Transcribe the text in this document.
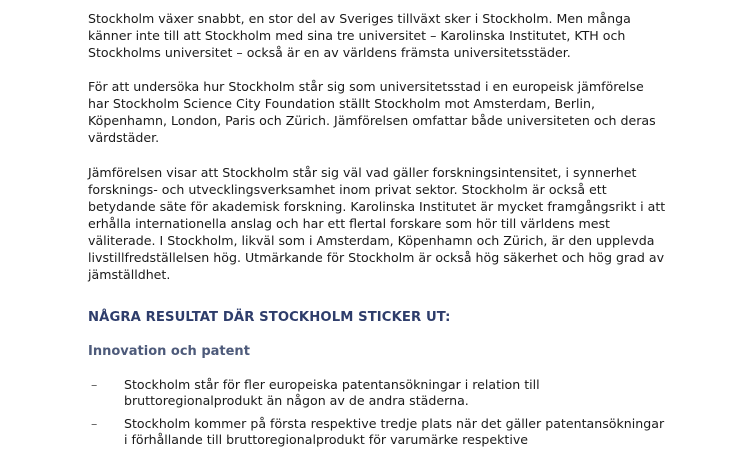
Stockholm växer snabbt, en stor del av Sveriges tillväxt sker i Stockholm. Men många känner inte till att Stockholm med sina tre universitet – Karolinska Institutet, KTH och Stockholms universitet – också är en av världens främsta universitetsstäder.

För att undersöka hur Stockholm står sig som universitetsstad i en europeisk jämförelse har Stockholm Science City Foundation ställt Stockholm mot Amsterdam, Berlin, Köpenhamn, London, Paris och Zürich. Jämförelsen omfattar både universiteten och deras värdstäder.

Jämförelsen visar att Stockholm står sig väl vad gäller forskningsintensitet, i synnerhet forsknings- och utvecklingsverksamhet inom privat sektor. Stockholm är också ett betydande säte för akademisk forskning. Karolinska Institutet är mycket framgångsrikt i att erhålla internationella anslag och har ett flertal forskare som hör till världens mest väliterade. I Stockholm, likväl som i Amsterdam, Köpenhamn och Zürich, är den upplevda livstillfredställelsen hög. Utmärkande för Stockholm är också hög säkerhet och hög grad av jämställdhet.

NÅGRA RESULTAT DÄR STOCKHOLM STICKER UT:
Innovation och patent
– Stockholm står för fler europeiska patentansökningar i relation till bruttoregionalprodukt än någon av de andra städerna.
– Stockholm kommer på första respektive tredje plats när det gäller patentansökningar i förhållande till bruttoregionalprodukt för varumärke respektive
